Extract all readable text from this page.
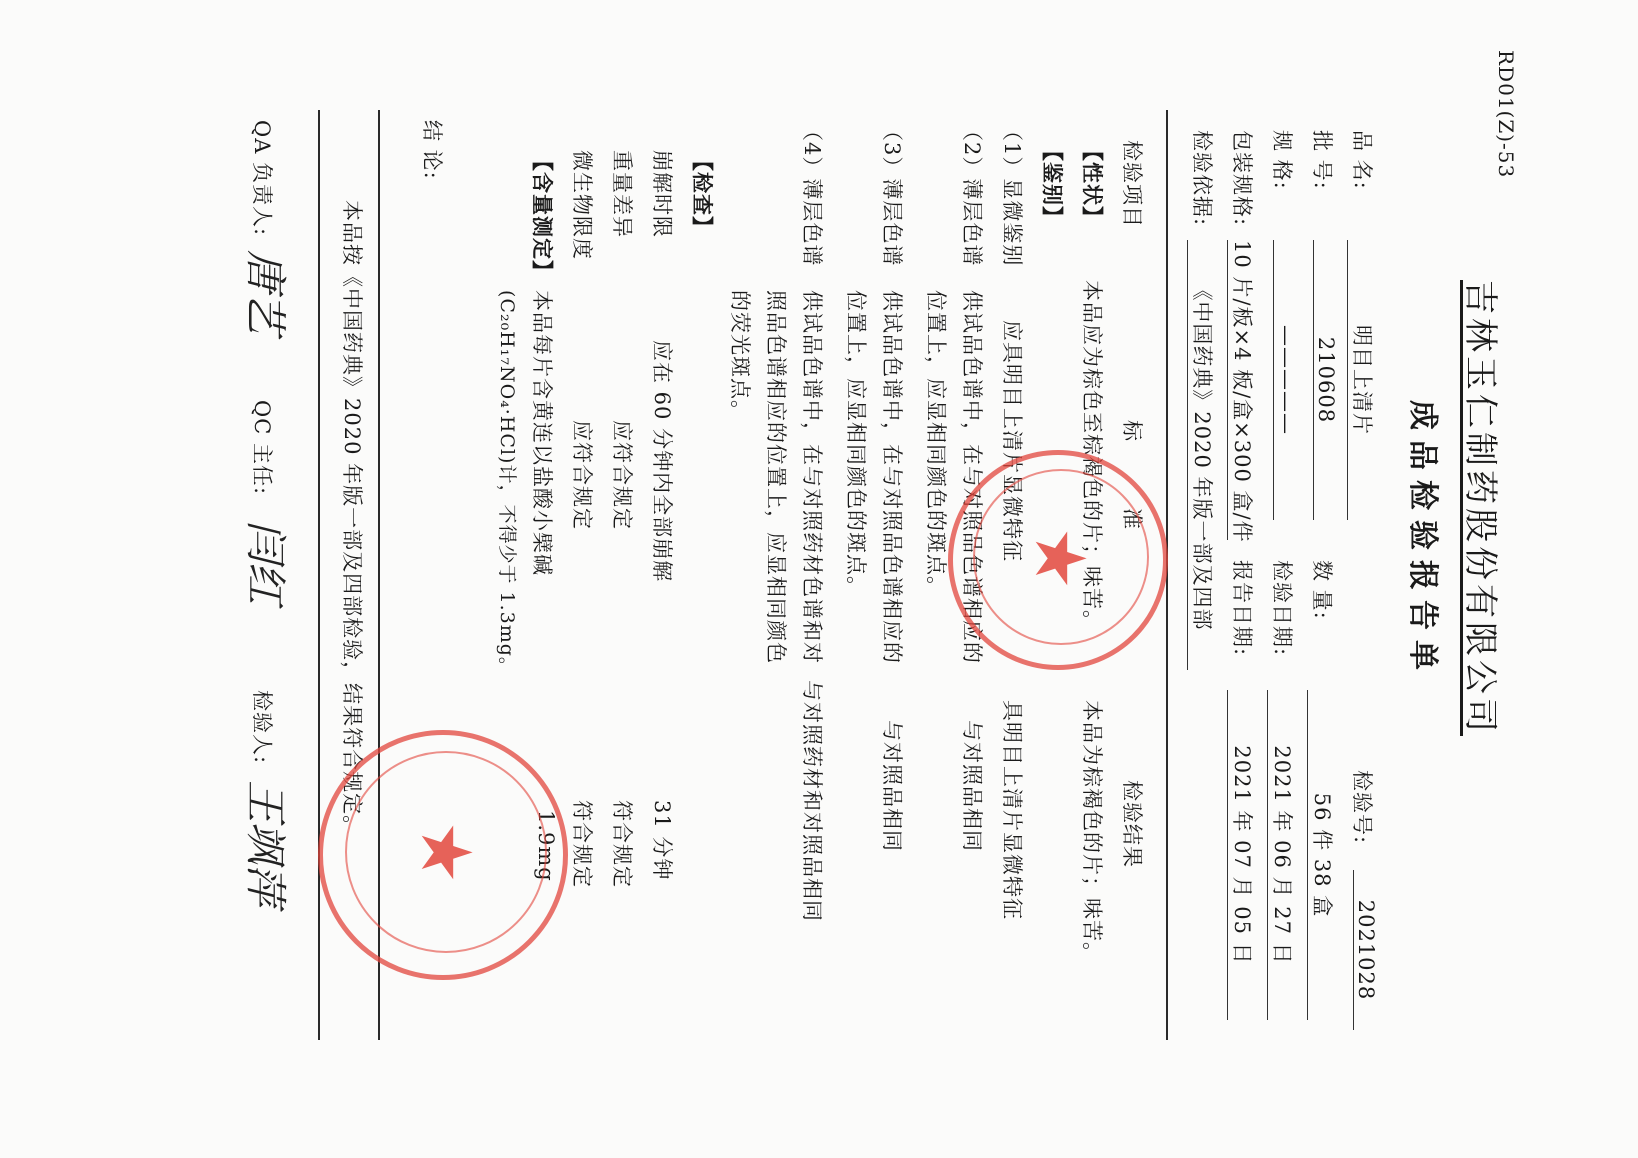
RD01(Z)-53
吉林玉仁制药股份有限公司
成品检验报告单
品 名:
明目上清片
检验号:
2021028
批 号:
210608
数 量:
56 件 38 盒
规 格:
—————
检验日期:
2021 年 06 月 27 日
包装规格:
10 片/板×4 板/盒×300 盒/件
报告日期:
2021 年 07 月 05 日
检验依据:
《中国药典》2020 年版一部及四部
检验项目
标　　　准
检验结果
【性状】
本品应为棕色至棕褐色的片；味苦。
本品为棕褐色的片；味苦。
【鉴别】
（1）显微鉴别
应具明目上清片显微特征
具明目上清片显微特征
（2）薄层色谱
供试品色谱中，在与对照品色谱相应的
位置上，应显相同颜色的斑点。
与对照品相同
（3）薄层色谱
供试品色谱中，在与对照品色谱相应的
位置上，应显相同颜色的斑点。
与对照品相同
（4）薄层色谱
供试品色谱中，在与对照药材色谱和对
照品色谱相应的位置上，应显相同颜色
的荧光斑点。
与对照药材和对照品相同
【检查】
崩解时限
应在 60 分钟内全部崩解
31 分钟
重量差异
应符合规定
符合规定
微生物限度
应符合规定
符合规定
【含量测定】
本品每片含黄连以盐酸小檗碱
(C₂₀H₁₇NO₄·HCl)计，不得少于 1.3mg。
1.9mg
结 论:
本品按《中国药典》2020 年版一部及四部检验，结果符合规定。
QA 负责人:
唐艺
QC 主任:
闫红
检验人:
王飒萍
★
★
